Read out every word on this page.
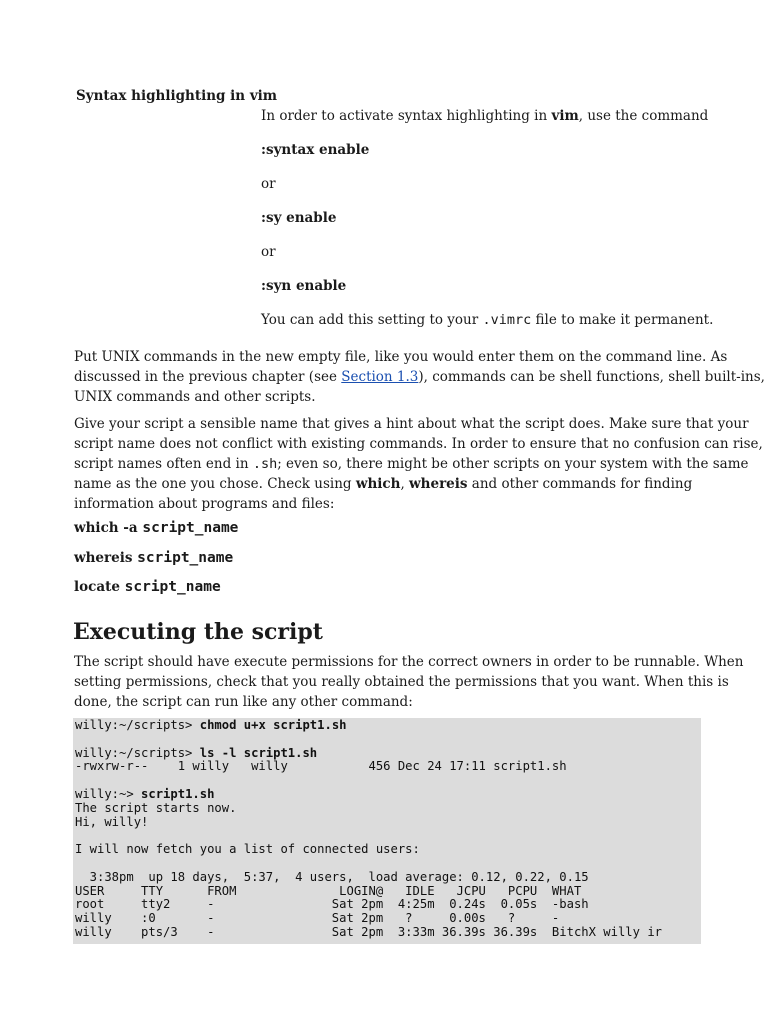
Syntax highlighting in vim
In order to activate syntax highlighting in vim, use the command
:syntax enable
or
:sy enable
or
:syn enable
You can add this setting to your .vimrc file to make it permanent.
Put UNIX commands in the new empty file, like you would enter them on the command line. As
discussed in the previous chapter (see Section 1.3), commands can be shell functions, shell built-ins,
UNIX commands and other scripts.
Give your script a sensible name that gives a hint about what the script does. Make sure that your
script name does not conflict with existing commands. In order to ensure that no confusion can rise,
script names often end in .sh; even so, there might be other scripts on your system with the same
name as the one you chose. Check using which, whereis and other commands for finding
information about programs and files:
which -a script_name
whereis script_name
locate script_name
Executing the script
The script should have execute permissions for the correct owners in order to be runnable. When
setting permissions, check that you really obtained the permissions that you want. When this is
done, the script can run like any other command:
willy:~/scripts> chmod u+x script1.sh
willy:~/scripts> ls -l script1.sh
-rwxrw-r--    1 willy   willy           456 Dec 24 17:11 script1.sh
willy:~> script1.sh
The script starts now.
Hi, willy!
I will now fetch you a list of connected users:
3:38pm  up 18 days,  5:37,  4 users,  load average: 0.12, 0.22, 0.15
USER     TTY      FROM              LOGIN@   IDLE   JCPU   PCPU  WHAT
root     tty2     -                Sat 2pm  4:25m  0.24s  0.05s  -bash
willy    :0       -                Sat 2pm   ?     0.00s   ?     -
willy    pts/3    -                Sat 2pm  3:33m 36.39s 36.39s  BitchX willy ir
